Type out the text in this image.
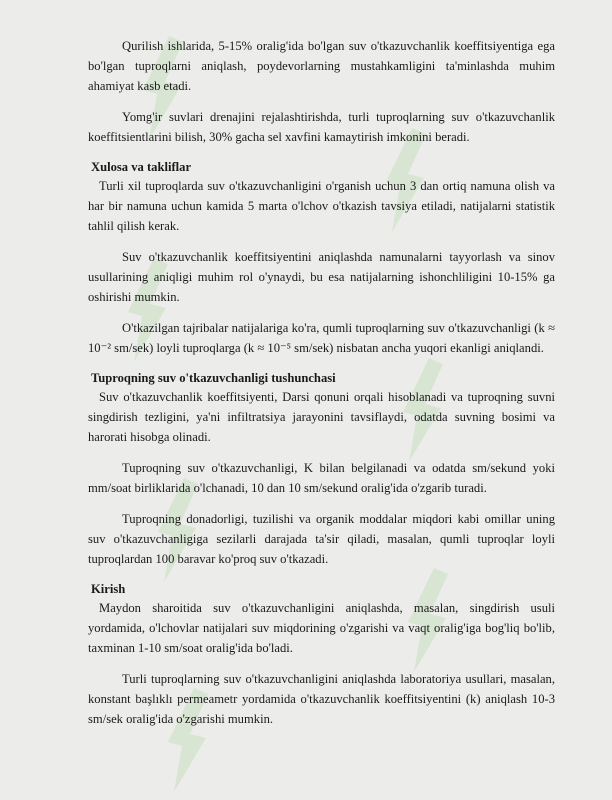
Qurilish ishlarida, 5-15% oralig'ida bo'lgan suv o'tkazuvchanlik koeffitsiyentiga ega bo'lgan tuproqlarni aniqlash, poydevorlarning mustahkamligini ta'minlashda muhim ahamiyat kasb etadi.

Yomg'ir suvlari drenajini rejalashtirishda, turli tuproqlarning suv o'tkazuvchanlik koeffitsientlarini bilish, 30% gacha sel xavfini kamaytirish imkonini beradi.

Xulosa va takliflar

Turli xil tuproqlarda suv o'tkazuvchanligini o'rganish uchun 3 dan ortiq namuna olish va har bir namuna uchun kamida 5 marta o'lchov o'tkazish tavsiya etiladi, natijalarni statistik tahlil qilish kerak.

Suv o'tkazuvchanlik koeffitsiyentini aniqlashda namunalarni tayyorlash va sinov usullarining aniqligi muhim rol o'ynaydi, bu esa natijalarning ishonchliligini 10-15% ga oshirishi mumkin.

O'tkazilgan tajribalar natijalariga ko'ra, qumli tuproqlarning suv o'tkazuvchanligi (k ≈ 10⁻² sm/sek) loyli tuproqlarga (k ≈ 10⁻⁵ sm/sek) nisbatan ancha yuqori ekanligi aniqlandi.

Tuproqning suv o'tkazuvchanligi tushunchasi

Suv o'tkazuvchanlik koeffitsiyenti, Darsi qonuni orqali hisoblanadi va tuproqning suvni singdirish tezligini, ya'ni infiltratsiya jarayonini tavsiflaydi, odatda suvning bosimi va harorati hisobga olinadi.

Tuproqning suv o'tkazuvchanligi, K bilan belgilanadi va odatda sm/sekund yoki mm/soat birliklarida o'lchanadi, 10 dan 10 sm/sekund oralig'ida o'zgarib turadi.

Tuproqning donadorligi, tuzilishi va organik moddalar miqdori kabi omillar uning suv o'tkazuvchanligiga sezilarli darajada ta'sir qiladi, masalan, qumli tuproqlar loyli tuproqlardan 100 baravar ko'proq suv o'tkazadi.

Kirish

Maydon sharoitida suv o'tkazuvchanligini aniqlashda, masalan, singdirish usuli yordamida, o'lchovlar natijalari suv miqdorining o'zgarishi va vaqt oralig'iga bog'liq bo'lib, taxminan 1-10 sm/soat oralig'ida bo'ladi.

Turli tuproqlarning suv o'tkazuvchanligini aniqlashda laboratoriya usullari, masalan, konstant başlıklı permeametr yordamida o'tkazuvchanlik koeffitsiyentini (k) aniqlash 10-3 sm/sek oralig'ida o'zgarishi mumkin.
